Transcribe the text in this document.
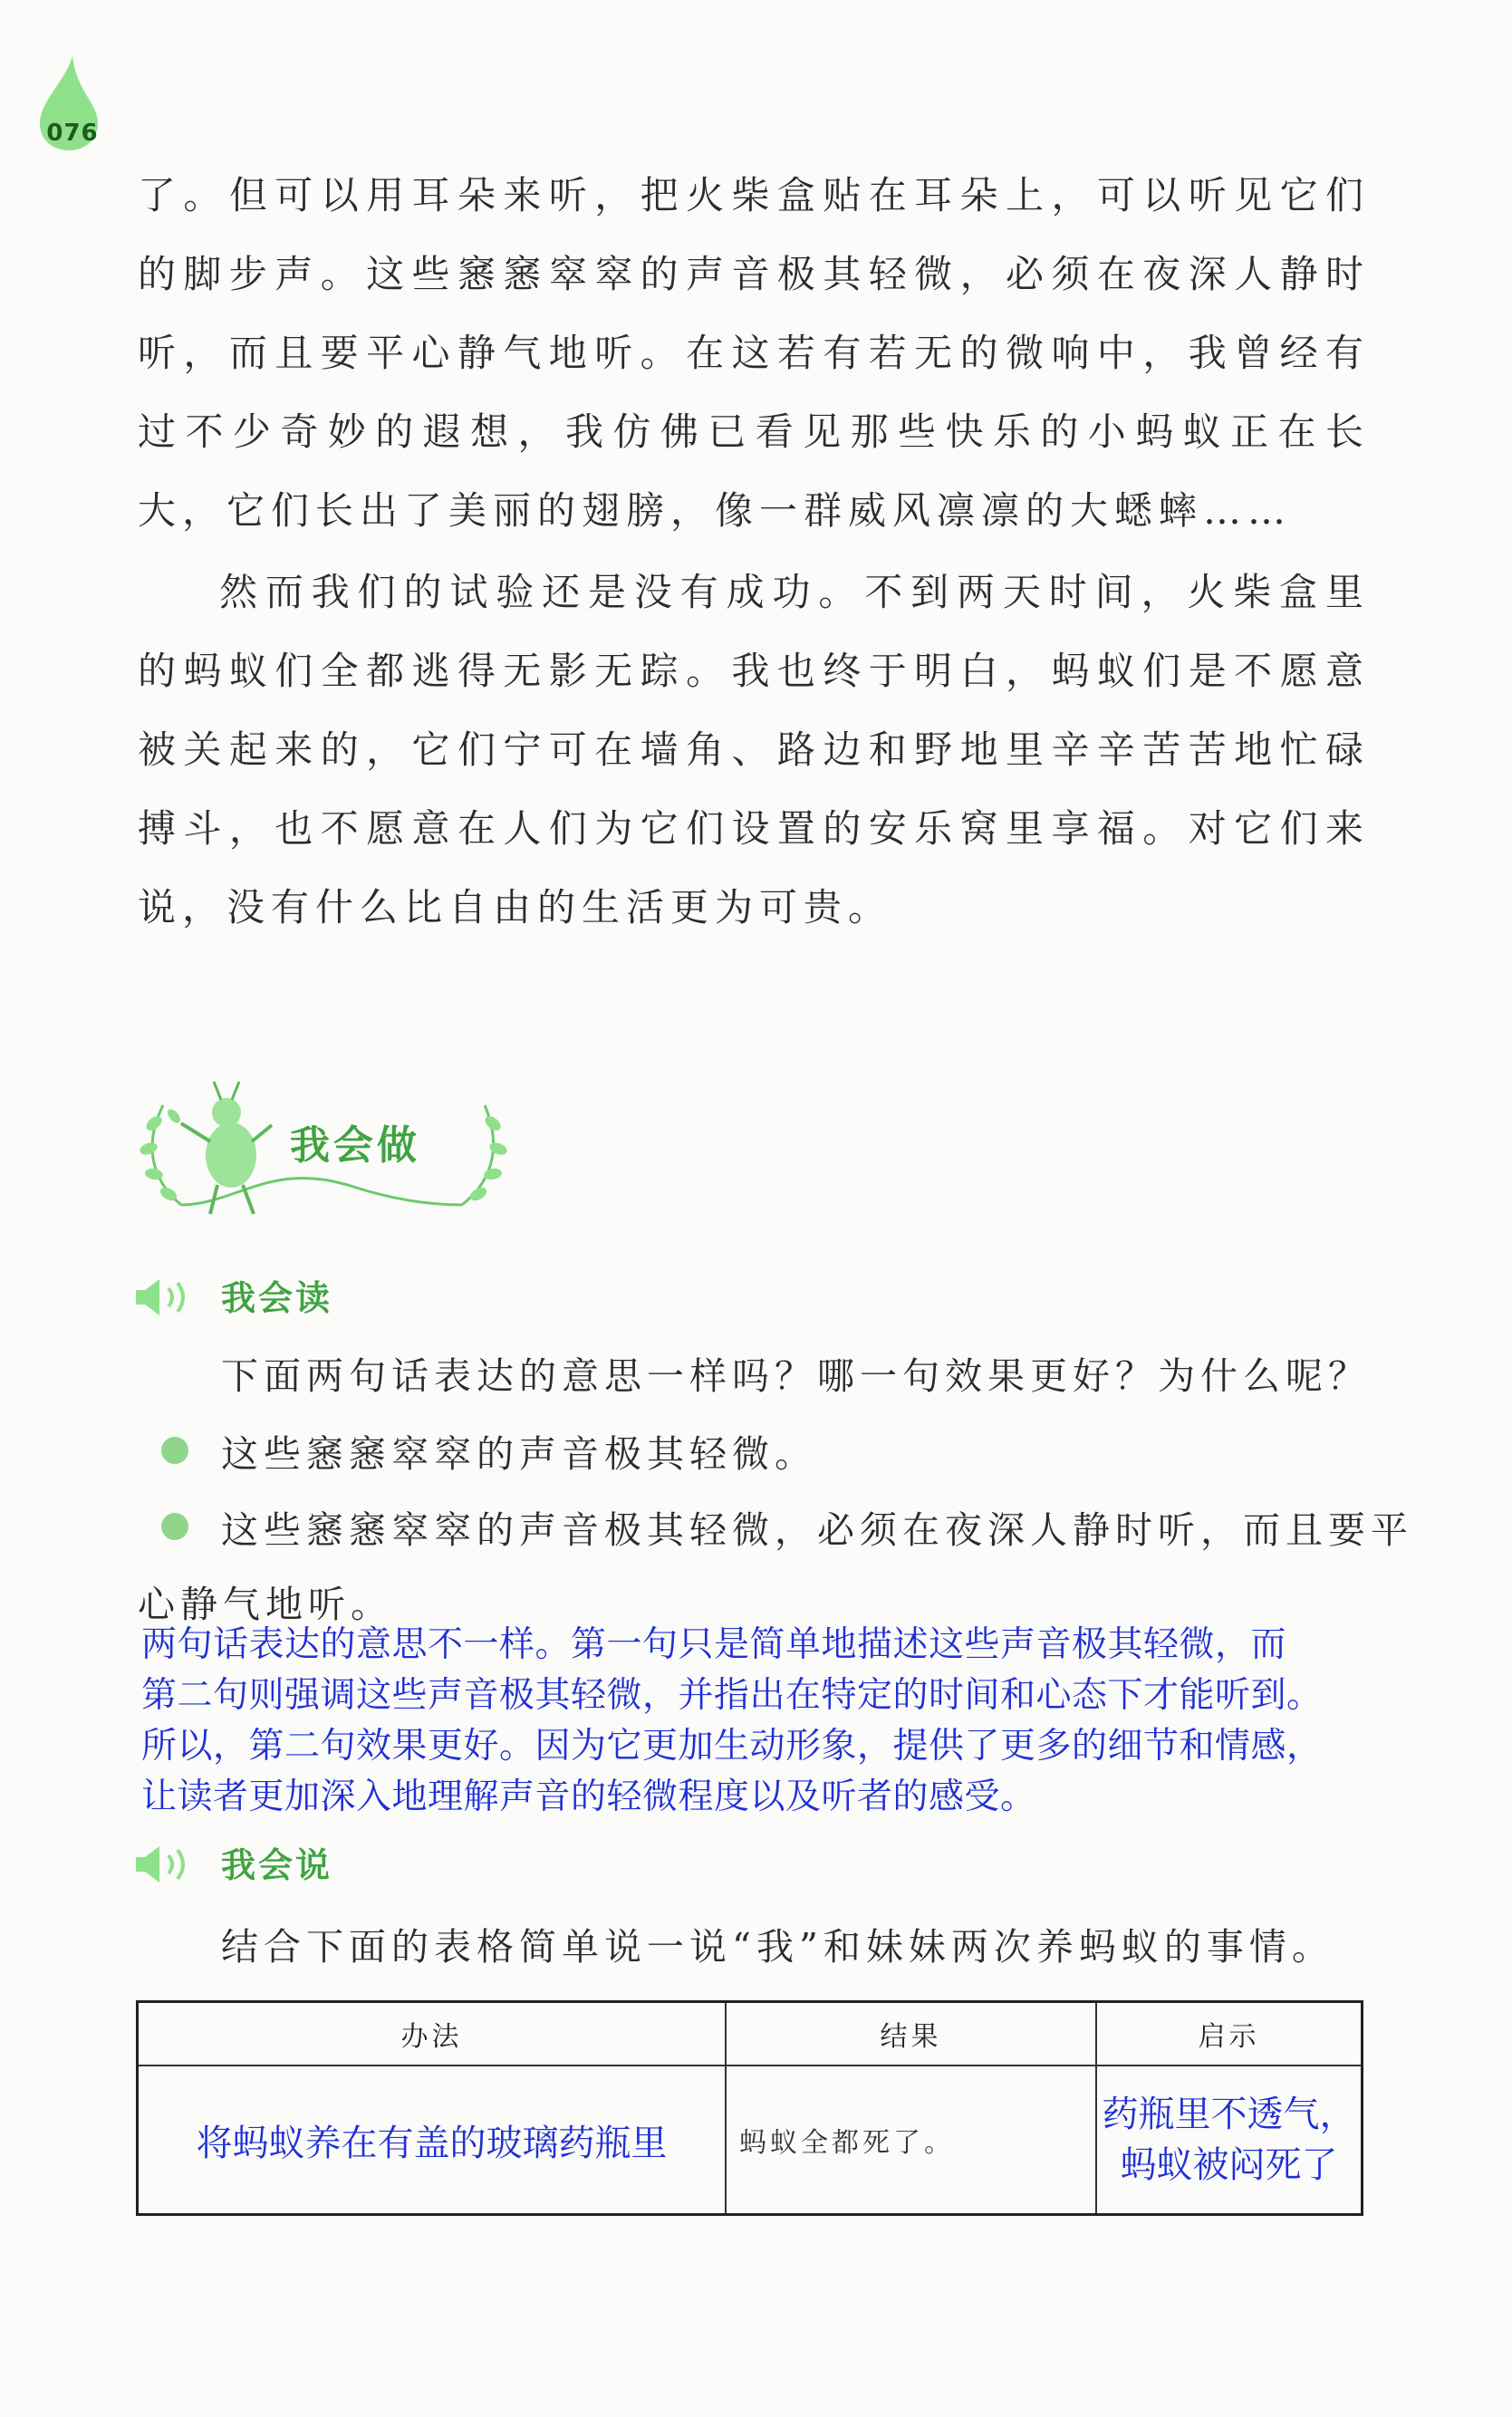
076

了。但可以用耳朵来听，把火柴盒贴在耳朵上，可以听见它们的脚步声。这些窸窸窣窣的声音极其轻微，必须在夜深人静时听，而且要平心静气地听。在这若有若无的微响中，我曾经有过不少奇妙的遐想，我仿佛已看见那些快乐的小蚂蚁正在长大，它们长出了美丽的翅膀，像一群威风凛凛的大蟋蟀……

然而我们的试验还是没有成功。不到两天时间，火柴盒里的蚂蚁们全都逃得无影无踪。我也终于明白，蚂蚁们是不愿意被关起来的，它们宁可在墙角、路边和野地里辛辛苦苦地忙碌搏斗，也不愿意在人们为它们设置的安乐窝里享福。对它们来说，没有什么比自由的生活更为可贵。

我会做
我会读
下面两句话表达的意思一样吗？哪一句效果更好？为什么呢？
这些窸窸窣窣的声音极其轻微。
这些窸窸窣窣的声音极其轻微，必须在夜深人静时听，而且要平
心静气地听。

两句话表达的意思不一样。第一句只是简单地描述这些声音极其轻微，而

第二句则强调这些声音极其轻微，并指出在特定的时间和心态下才能听到。

所以，第二句效果更好。因为它更加生动形象，提供了更多的细节和情感，

让读者更加深入地理解声音的轻微程度以及听者的感受。

我会说
结合下面的表格简单说一说“我”和妹妹两次养蚂蚁的事情。
办法	结果	启示
将蚂蚁养在有盖的玻璃药瓶里	蚂蚁全都死了。	药瓶里不透气，
蚂蚁被闷死了
